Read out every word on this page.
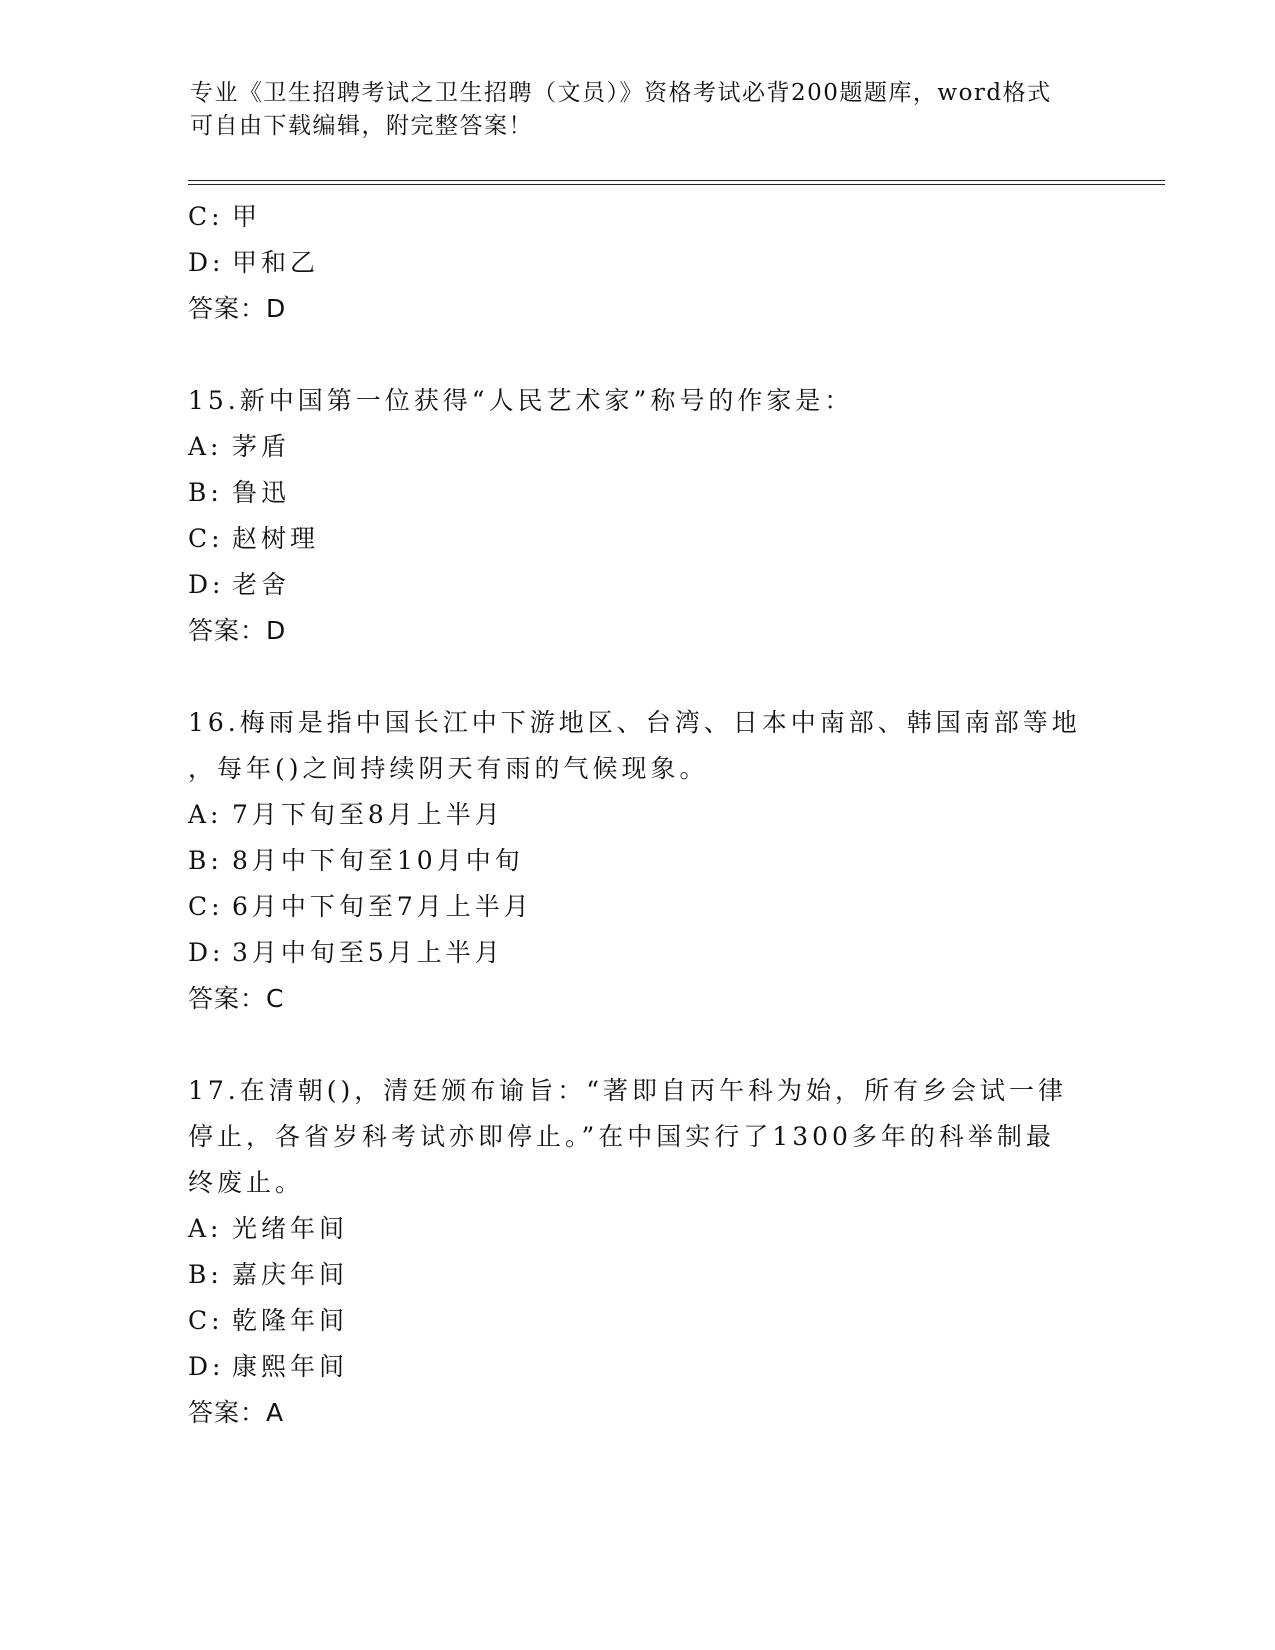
专业《卫生招聘考试之卫生招聘（文员）》资格考试必背200题题库，word格式
可自由下载编辑，附完整答案！
C: 甲
D: 甲和乙
答案：D
15.新中国第一位获得“人民艺术家”称号的作家是：
A: 茅盾
B: 鲁迅
C: 赵树理
D: 老舍
答案：D
16.梅雨是指中国长江中下游地区、台湾、日本中南部、韩国南部等地
，每年()之间持续阴天有雨的气候现象。
A: 7月下旬至8月上半月
B: 8月中下旬至10月中旬
C: 6月中下旬至7月上半月
D: 3月中旬至5月上半月
答案：C
17.在清朝()，清廷颁布谕旨：“著即自丙午科为始，所有乡会试一律
停止，各省岁科考试亦即停止。”在中国实行了1300多年的科举制最
终废止。
A: 光绪年间
B: 嘉庆年间
C: 乾隆年间
D: 康熙年间
答案：A
